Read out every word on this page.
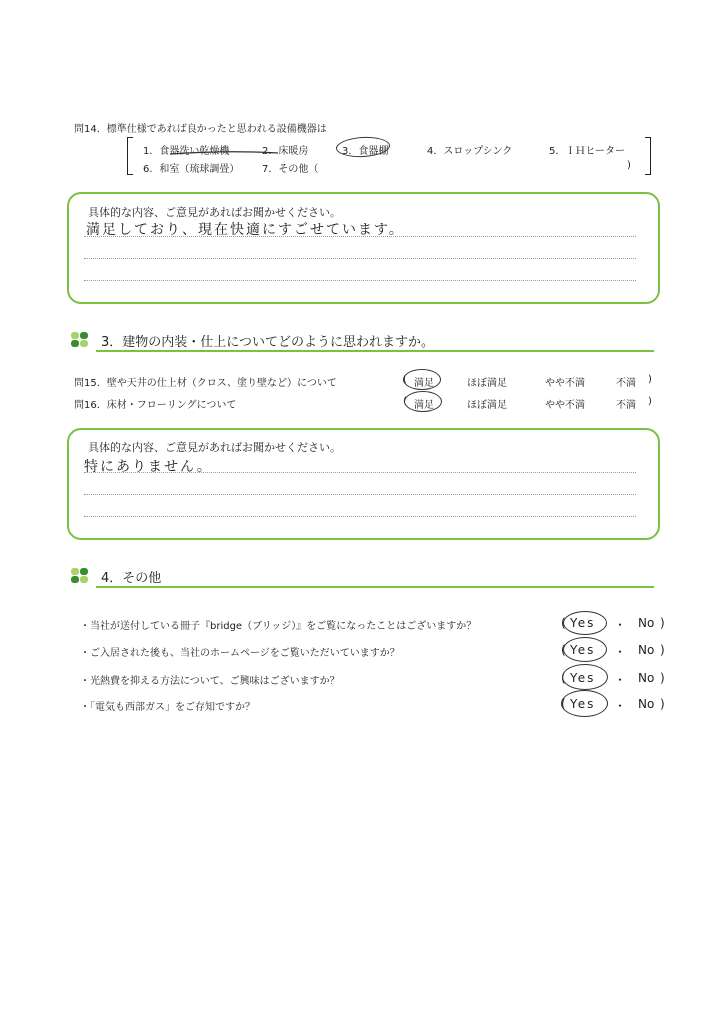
問14．標準仕様であれば良かったと思われる設備機器は
1．食器洗い乾燥機	2．床暖房	3．食器棚	4．スロップシンク	5．ＩＨヒーター
6．和室（琉球調畳） 7．その他（	)
具体的な内容、ご意見があればお聞かせください。
満足しており、現在快適にすごせています。
3．建物の内装・仕上についてどのように思われますか。
問15．壁や天井の仕上材（クロス、塗り壁など）について	( 満足	ほぼ満足	やや不満	不満 )
問16．床材・フローリングについて	( 満足	ほぼ満足	やや不満	不満 )
具体的な内容、ご意見があればお聞かせください。
特にありません。
4．その他
・当社が送付している冊子『bridge（ブリッジ）』をご覧になったことはございますか？	( Yes ・ No )
・ご入居された後も、当社のホームページをご覧いただいていますか？	( Yes ・ No )
・光熱費を抑える方法について、ご興味はございますか？	( Yes ・ No )
・「電気も西部ガス」をご存知ですか？	( Yes ・ No )
